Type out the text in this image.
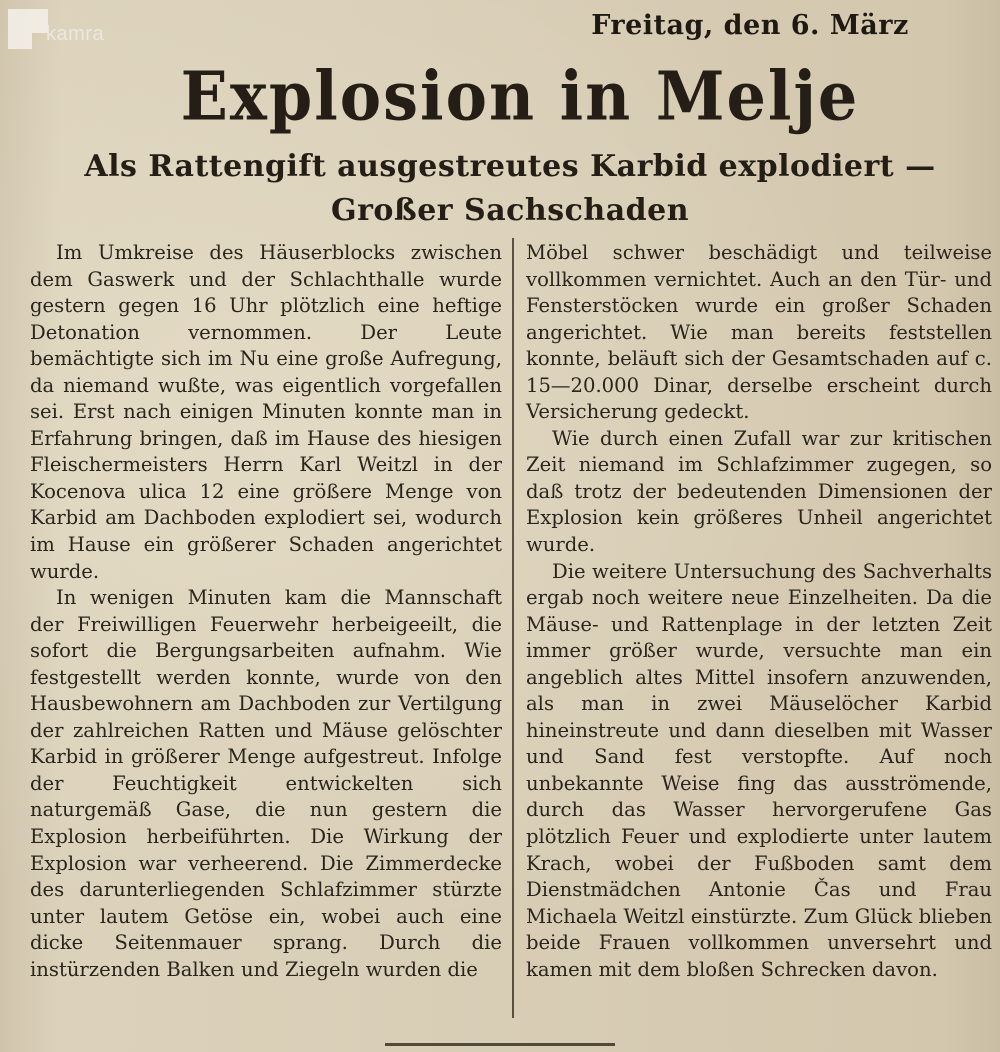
kamra	Freitag, den 6. März
Explosion in Melje
Als Rattengift ausgestreutes Karbid explodiert — Großer Sachschaden

Im Umkreise des Häuserblocks zwischen dem Gaswerk und der Schlachthalle wurde gestern gegen 16 Uhr plötzlich eine heftige Detonation vernommen. Der Leute bemächtigte sich im Nu eine große Aufregung, da niemand wußte, was eigentlich vorgefallen sei. Erst nach einigen Minuten konnte man in Erfahrung bringen, daß im Hause des hiesigen Fleischermeisters Herrn Karl Weitzl in der Kocenova ulica 12 eine größere Menge von Karbid am Dachboden explodiert sei, wodurch im Hause ein größerer Schaden angerichtet wurde.

In wenigen Minuten kam die Mannschaft der Freiwilligen Feuerwehr herbeigeeilt, die sofort die Bergungsarbeiten aufnahm. Wie festgestellt werden konnte, wurde von den Hausbewohnern am Dachboden zur Vertilgung der zahlreichen Ratten und Mäuse gelöschter Karbid in größerer Menge aufgestreut. Infolge der Feuchtigkeit entwickelten sich naturgemäß Gase, die nun gestern die Explosion herbeiführten. Die Wirkung der Explosion war verheerend. Die Zimmerdecke des darunterliegenden Schlafzimmer stürzte unter lautem Getöse ein, wobei auch eine dicke Seitenmauer sprang. Durch die instürzenden Balken und Ziegeln wurden die

Möbel schwer beschädigt und teilweise vollkommen vernichtet. Auch an den Tür- und Fensterstöcken wurde ein großer Schaden angerichtet. Wie man bereits feststellen konnte, beläuft sich der Gesamtschaden auf c. 15—20.000 Dinar, derselbe erscheint durch Versicherung gedeckt.

Wie durch einen Zufall war zur kritischen Zeit niemand im Schlafzimmer zugegen, so daß trotz der bedeutenden Dimensionen der Explosion kein größeres Unheil angerichtet wurde.

Die weitere Untersuchung des Sachverhalts ergab noch weitere neue Einzelheiten. Da die Mäuse- und Rattenplage in der letzten Zeit immer größer wurde, versuchte man ein angeblich altes Mittel insofern anzuwenden, als man in zwei Mäuselöcher Karbid hineinstreute und dann dieselben mit Wasser und Sand fest verstopfte. Auf noch unbekannte Weise fing das ausströmende, durch das Wasser hervorgerufene Gas plötzlich Feuer und explodierte unter lautem Krach, wobei der Fußboden samt dem Dienstmädchen Antonie Čas und Frau Michaela Weitzl einstürzte. Zum Glück blieben beide Frauen vollkommen unversehrt und kamen mit dem bloßen Schrecken davon.
